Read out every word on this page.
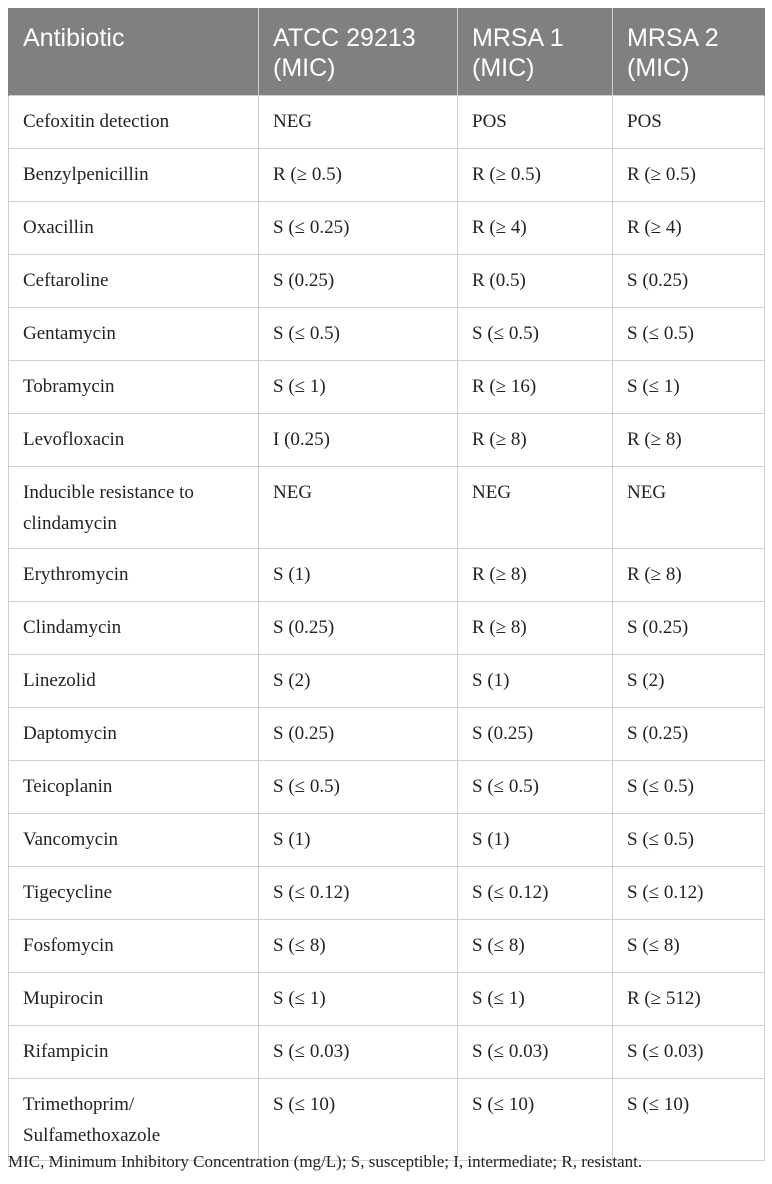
Antibiotic	ATCC 29213 (MIC)	MRSA 1 (MIC)	MRSA 2 (MIC)
Cefoxitin detection	NEG	POS	POS
Benzylpenicillin	R (≥ 0.5)	R (≥ 0.5)	R (≥ 0.5)
Oxacillin	S (≤ 0.25)	R (≥ 4)	R (≥ 4)
Ceftaroline	S (0.25)	R (0.5)	S (0.25)
Gentamycin	S (≤ 0.5)	S (≤ 0.5)	S (≤ 0.5)
Tobramycin	S (≤ 1)	R (≥ 16)	S (≤ 1)
Levofloxacin	I (0.25)	R (≥ 8)	R (≥ 8)
Inducible resistance to clindamycin	NEG	NEG	NEG
Erythromycin	S (1)	R (≥ 8)	R (≥ 8)
Clindamycin	S (0.25)	R (≥ 8)	S (0.25)
Linezolid	S (2)	S (1)	S (2)
Daptomycin	S (0.25)	S (0.25)	S (0.25)
Teicoplanin	S (≤ 0.5)	S (≤ 0.5)	S (≤ 0.5)
Vancomycin	S (1)	S (1)	S (≤ 0.5)
Tigecycline	S (≤ 0.12)	S (≤ 0.12)	S (≤ 0.12)
Fosfomycin	S (≤ 8)	S (≤ 8)	S (≤ 8)
Mupirocin	S (≤ 1)	S (≤ 1)	R (≥ 512)
Rifampicin	S (≤ 0.03)	S (≤ 0.03)	S (≤ 0.03)
Trimethoprim/ Sulfamethoxazole	S (≤ 10)	S (≤ 10)	S (≤ 10)
MIC, Minimum Inhibitory Concentration (mg/L); S, susceptible; I, intermediate; R, resistant.
